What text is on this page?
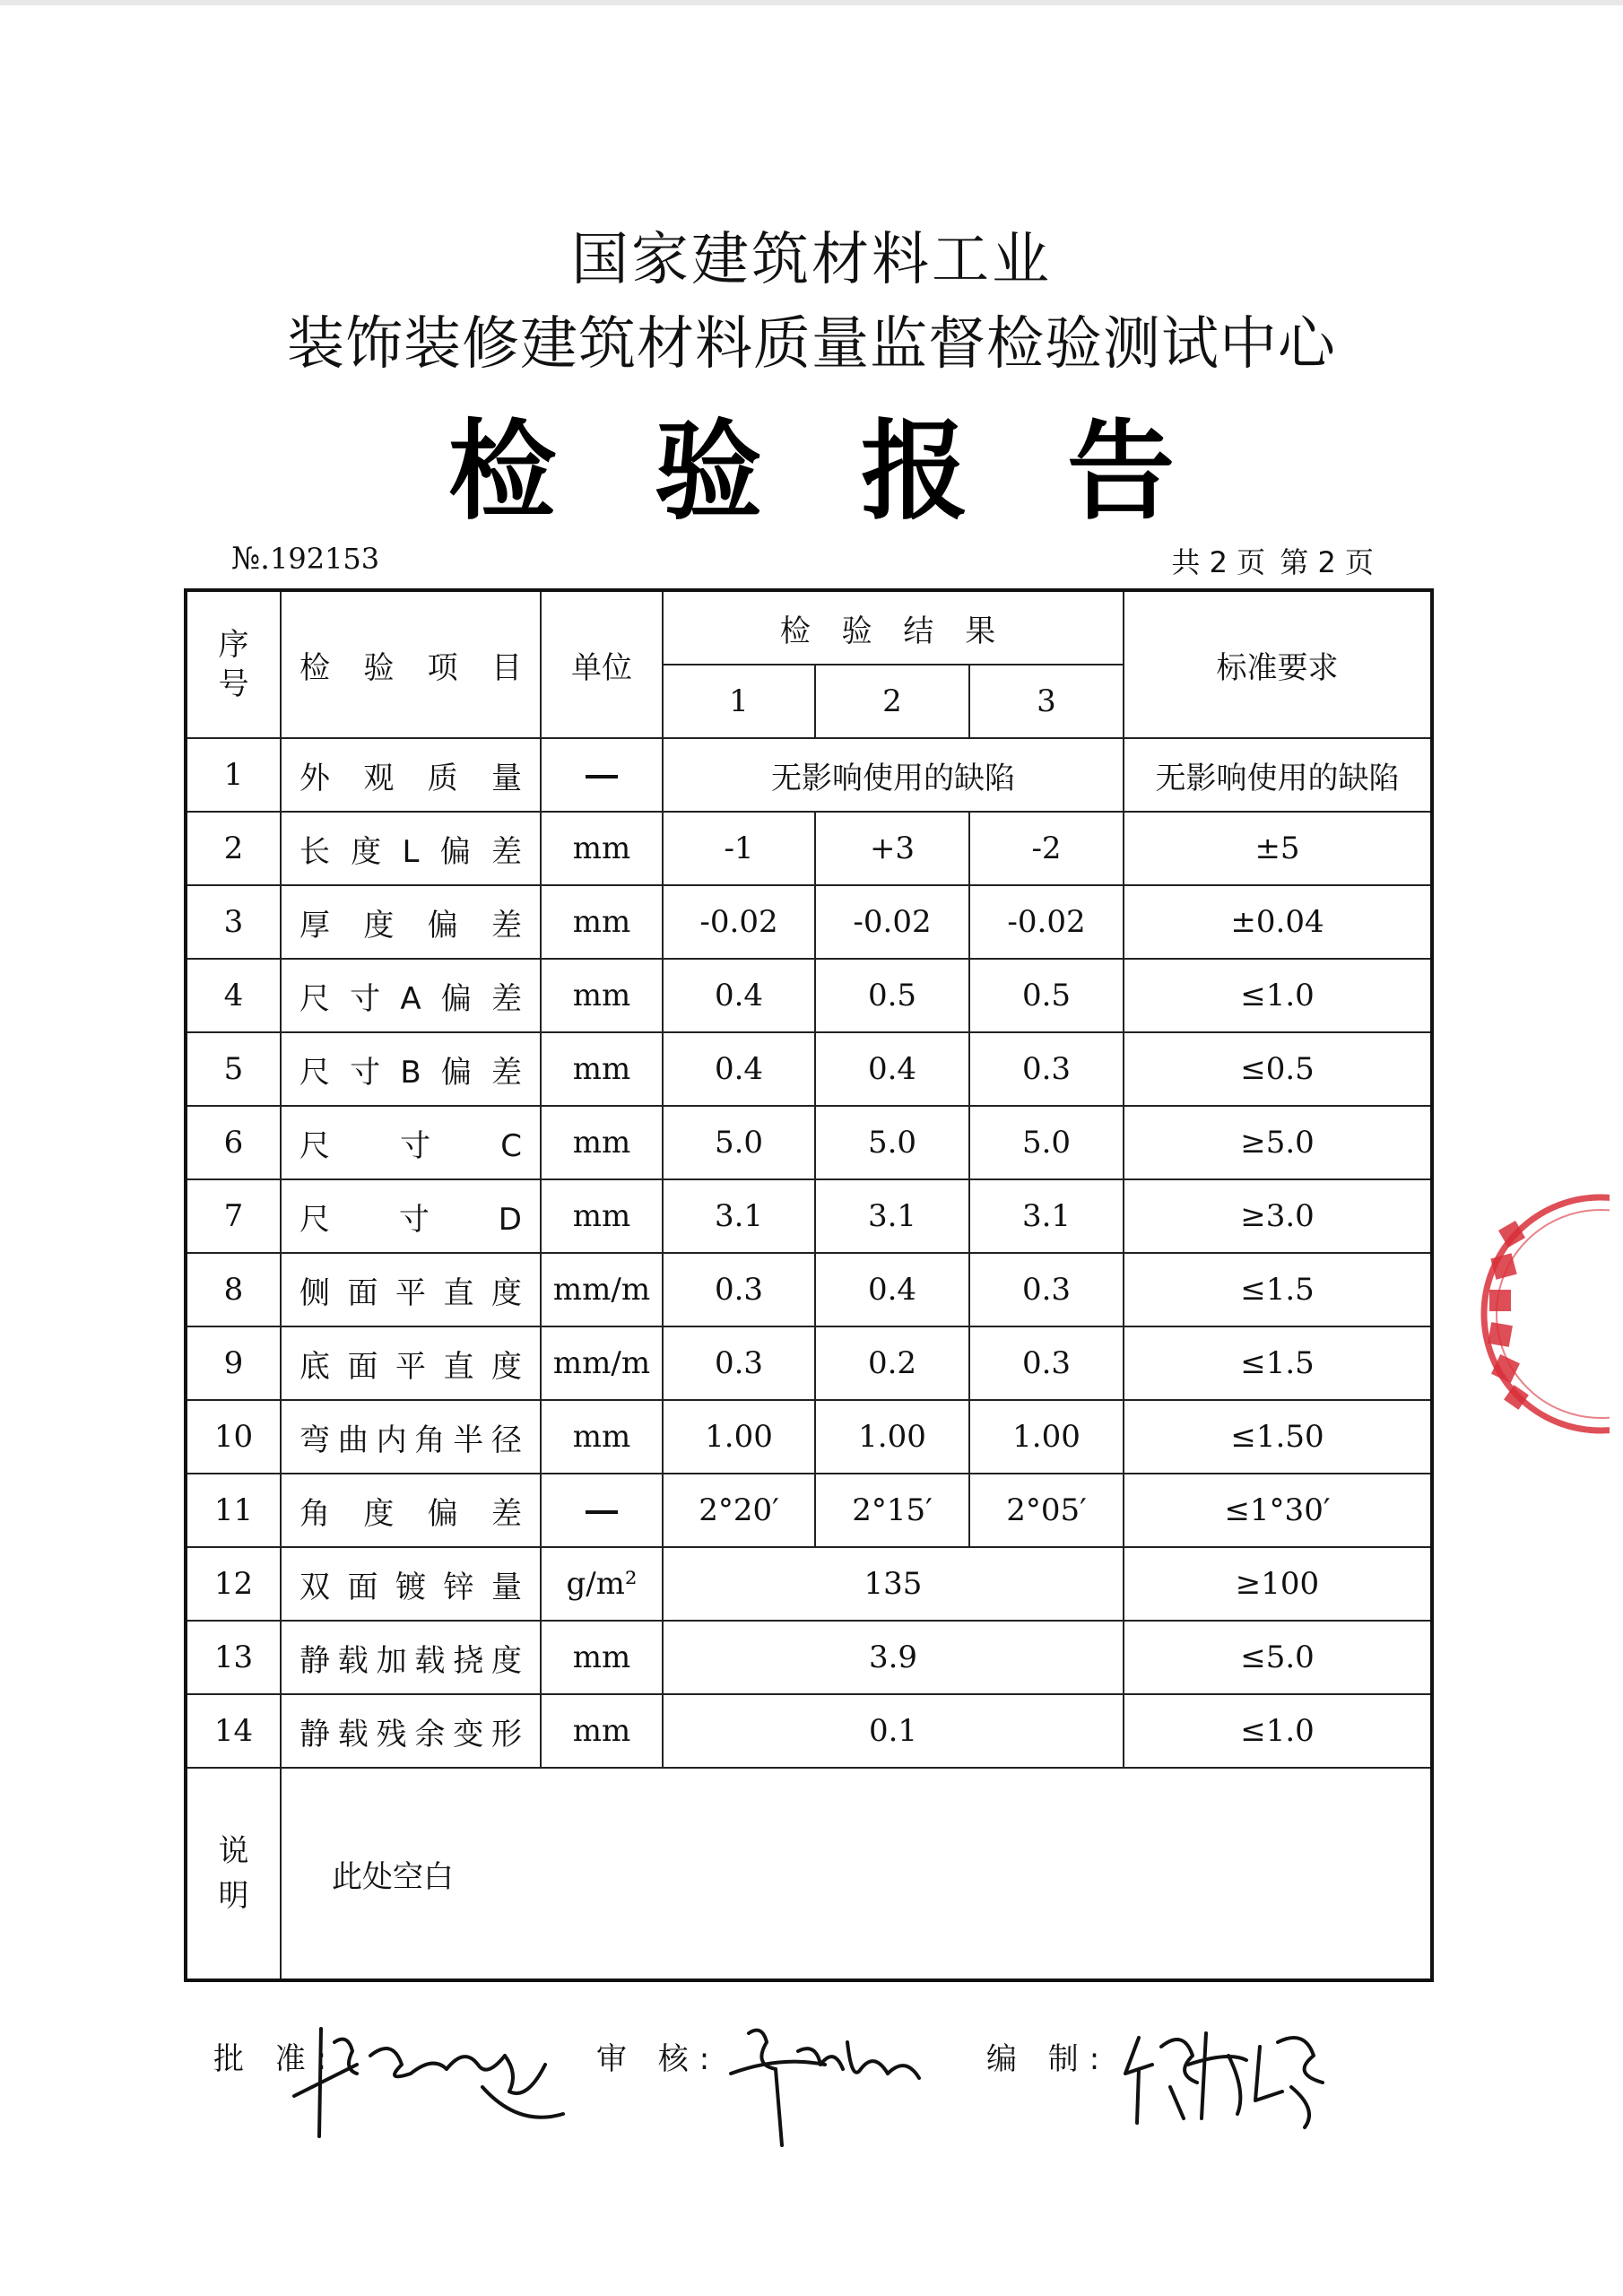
国家建筑材料工业
装饰装修建筑材料质量监督检验测试中心
检验报告
№.192153	共 2 页 第 2 页
序
号	检 验 项 目	单位	检 验 结 果			标准要求
			1	2	3	
1	外观质量		无影响使用的缺陷			无影响使用的缺陷
2	长度L偏差	mm	-1	+3	-2	±5
3	厚度偏差	mm	-0.02	-0.02	-0.02	±0.04
4	尺寸A偏差	mm	0.4	0.5	0.5	≤1.0
5	尺寸B偏差	mm	0.4	0.4	0.3	≤0.5
6	尺寸C	mm	5.0	5.0	5.0	≥5.0
7	尺寸D	mm	3.1	3.1	3.1	≥3.0
8	侧面平直度	mm/m	0.3	0.4	0.3	≤1.5
9	底面平直度	mm/m	0.3	0.2	0.3	≤1.5
10	弯曲内角半径	mm	1.00	1.00	1.00	≤1.50
11	角度偏差		2°20′	2°15′	2°05′	≤1°30′
12	双面镀锌量	g/m²	135			≥100
13	静载加载挠度	mm	3.9			≤5.0
14	静载残余变形	mm	0.1			≤1.0

说
明	此处空白					
批 准:	审 核:	编 制:
